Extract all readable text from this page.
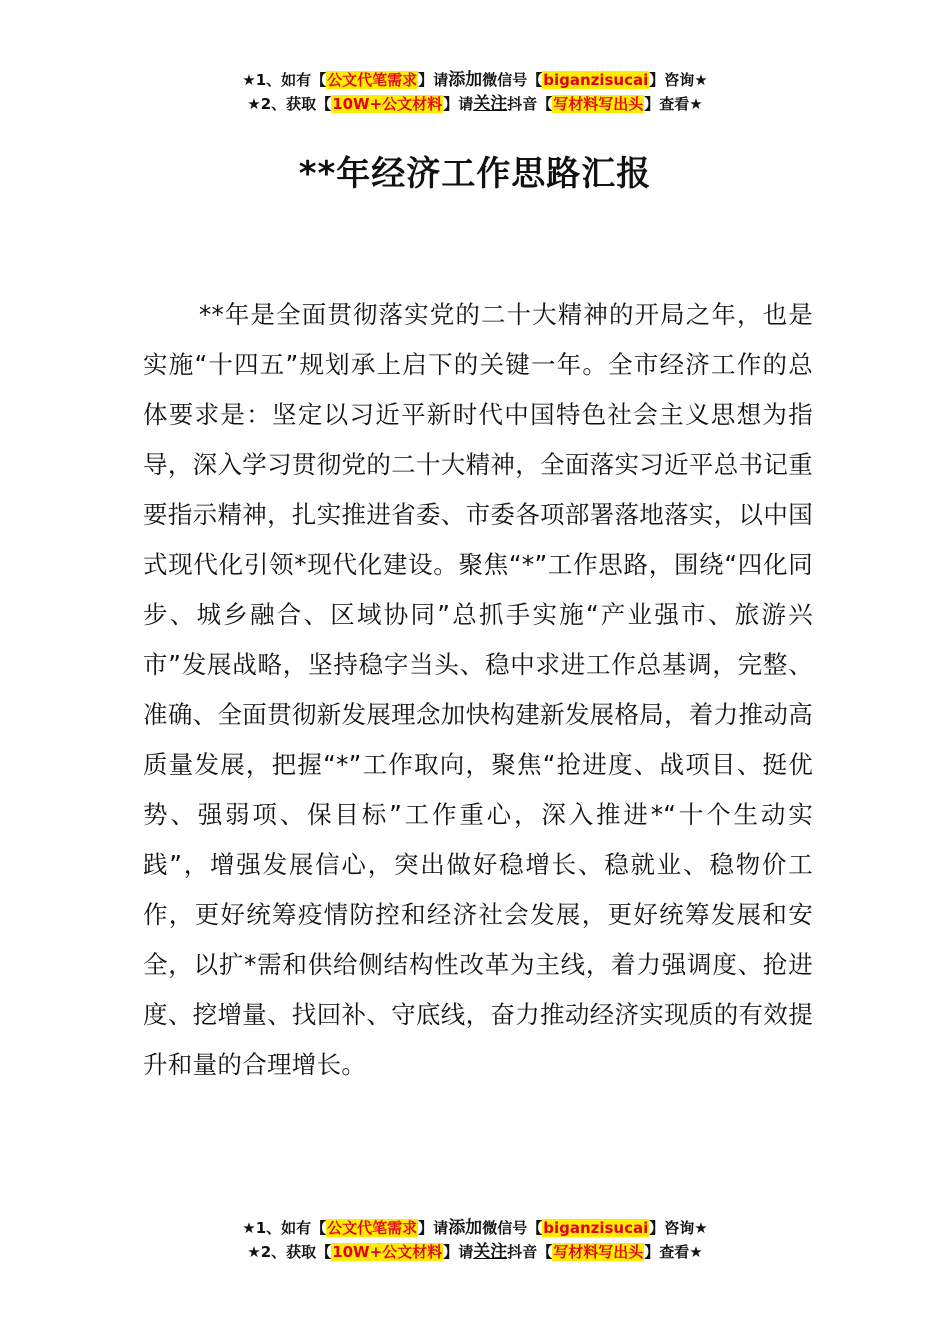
★1、如有【公文代笔需求】请添加微信号【biganzisucai】咨询★
★2、获取【10W+公文材料】请关注抖音【写材料写出头】查看★
**年经济工作思路汇报
**年是全面贯彻落实党的二十大精神的开局之年，也是实施“十四五”规划承上启下的关键一年。全市经济工作的总体要求是：坚定以习近平新时代中国特色社会主义思想为指导，深入学习贯彻党的二十大精神，全面落实习近平总书记重要指示精神，扎实推进省委、市委各项部署落地落实，以中国式现代化引领*现代化建设。聚焦“*”工作思路，围绕“四化同步、城乡融合、区域协同”总抓手实施“产业强市、旅游兴市”发展战略，坚持稳字当头、稳中求进工作总基调，完整、准确、全面贯彻新发展理念加快构建新发展格局，着力推动高质量发展，把握“*”工作取向，聚焦“抢进度、战项目、挺优势、强弱项、保目标”工作重心，深入推进*“十个生动实践”，增强发展信心，突出做好稳增长、稳就业、稳物价工作，更好统筹疫情防控和经济社会发展，更好统筹发展和安全，以扩*需和供给侧结构性改革为主线，着力强调度、抢进度、挖增量、找回补、守底线，奋力推动经济实现质的有效提升和量的合理增长。
★1、如有【公文代笔需求】请添加微信号【biganzisucai】咨询★
★2、获取【10W+公文材料】请关注抖音【写材料写出头】查看★
